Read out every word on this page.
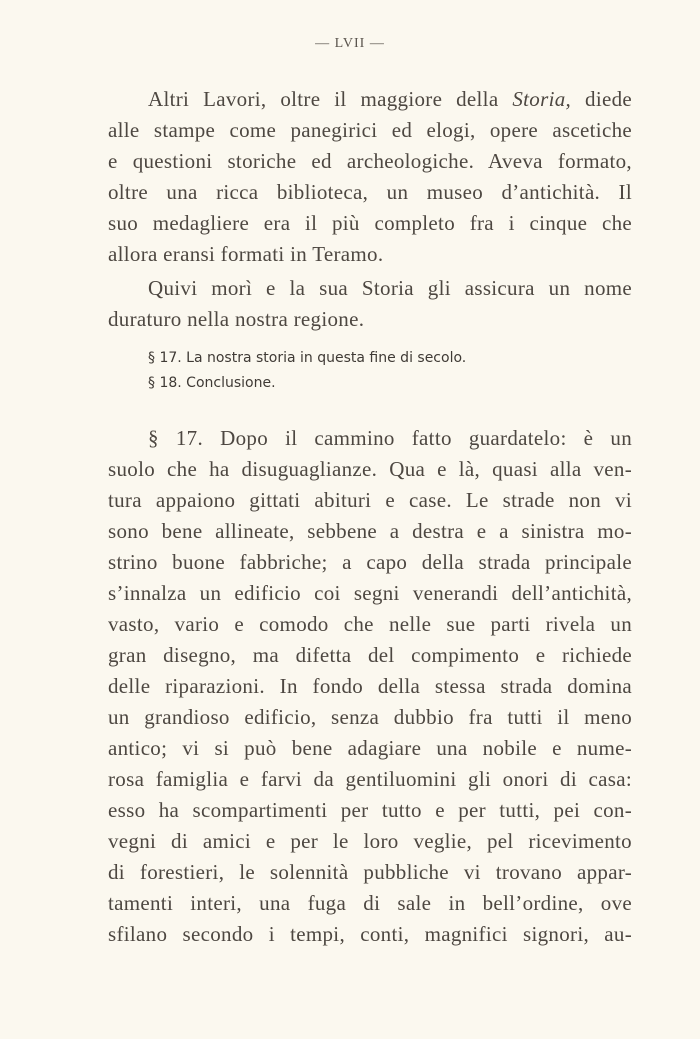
— LVII —
Altri Lavori, oltre il maggiore della Storia, diede
alle stampe come panegirici ed elogi, opere ascetiche
e questioni storiche ed archeologiche. Aveva formato,
oltre una ricca biblioteca, un museo d’antichità. Il
suo medagliere era il più completo fra i cinque che
allora eransi formati in Teramo.
Quivi morì e la sua Storia gli assicura un nome
duraturo nella nostra regione.
§ 17. La nostra storia in questa fine di secolo.
§ 18. Conclusione.
§ 17. Dopo il cammino fatto guardatelo: è un
suolo che ha disuguaglianze. Qua e là, quasi alla ven-
tura appaiono gittati abituri e case. Le strade non vi
sono bene allineate, sebbene a destra e a sinistra mo-
strino buone fabbriche; a capo della strada principale
s’innalza un edificio coi segni venerandi dell’antichità,
vasto, vario e comodo che nelle sue parti rivela un
gran disegno, ma difetta del compimento e richiede
delle riparazioni. In fondo della stessa strada domina
un grandioso edificio, senza dubbio fra tutti il meno
antico; vi si può bene adagiare una nobile e nume-
rosa famiglia e farvi da gentiluomini gli onori di casa:
esso ha scompartimenti per tutto e per tutti, pei con-
vegni di amici e per le loro veglie, pel ricevimento
di forestieri, le solennità pubbliche vi trovano appar-
tamenti interi, una fuga di sale in bell’ordine, ove
sfilano secondo i tempi, conti, magnifici signori, au-
